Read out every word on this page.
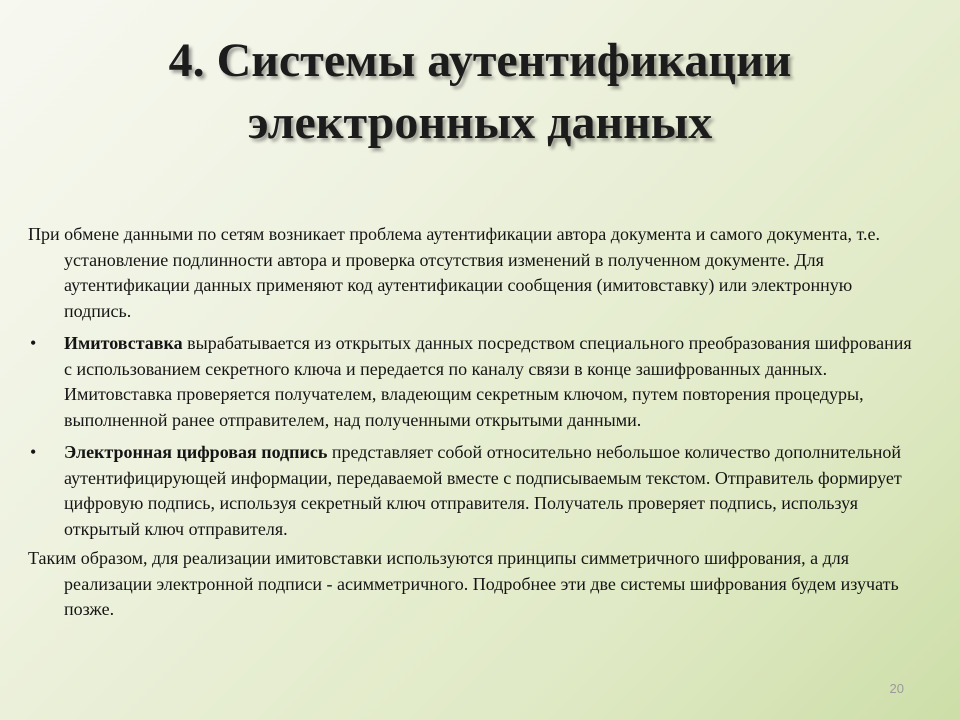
4. Системы аутентификации
электронных данных

При обмене данными по сетям возникает проблема аутентификации автора документа и самого документа, т.е. установление подлинности автора и проверка отсутствия изменений в полученном документе. Для аутентификации данных применяют код аутентификации сообщения (имитовставку) или электронную подпись.

• Имитовставка вырабатывается из открытых данных посредством специального преобразования шифрования с использованием секретного ключа и передается по каналу связи в конце зашифрованных данных. Имитовставка проверяется получателем, владеющим секретным ключом, путем повторения процедуры, выполненной ранее отправителем, над полученными открытыми данными.
• Электронная цифровая подпись представляет собой относительно небольшое количество дополнительной аутентифицирующей информации, передаваемой вместе с подписываемым текстом. Отправитель формирует цифровую подпись, используя секретный ключ отправителя. Получатель проверяет подпись, используя открытый ключ отправителя.

Таким образом, для реализации имитовставки используются принципы симметричного шифрования, а для реализации электронной подписи - асимметричного. Подробнее эти две системы шифрования будем изучать позже.

20
